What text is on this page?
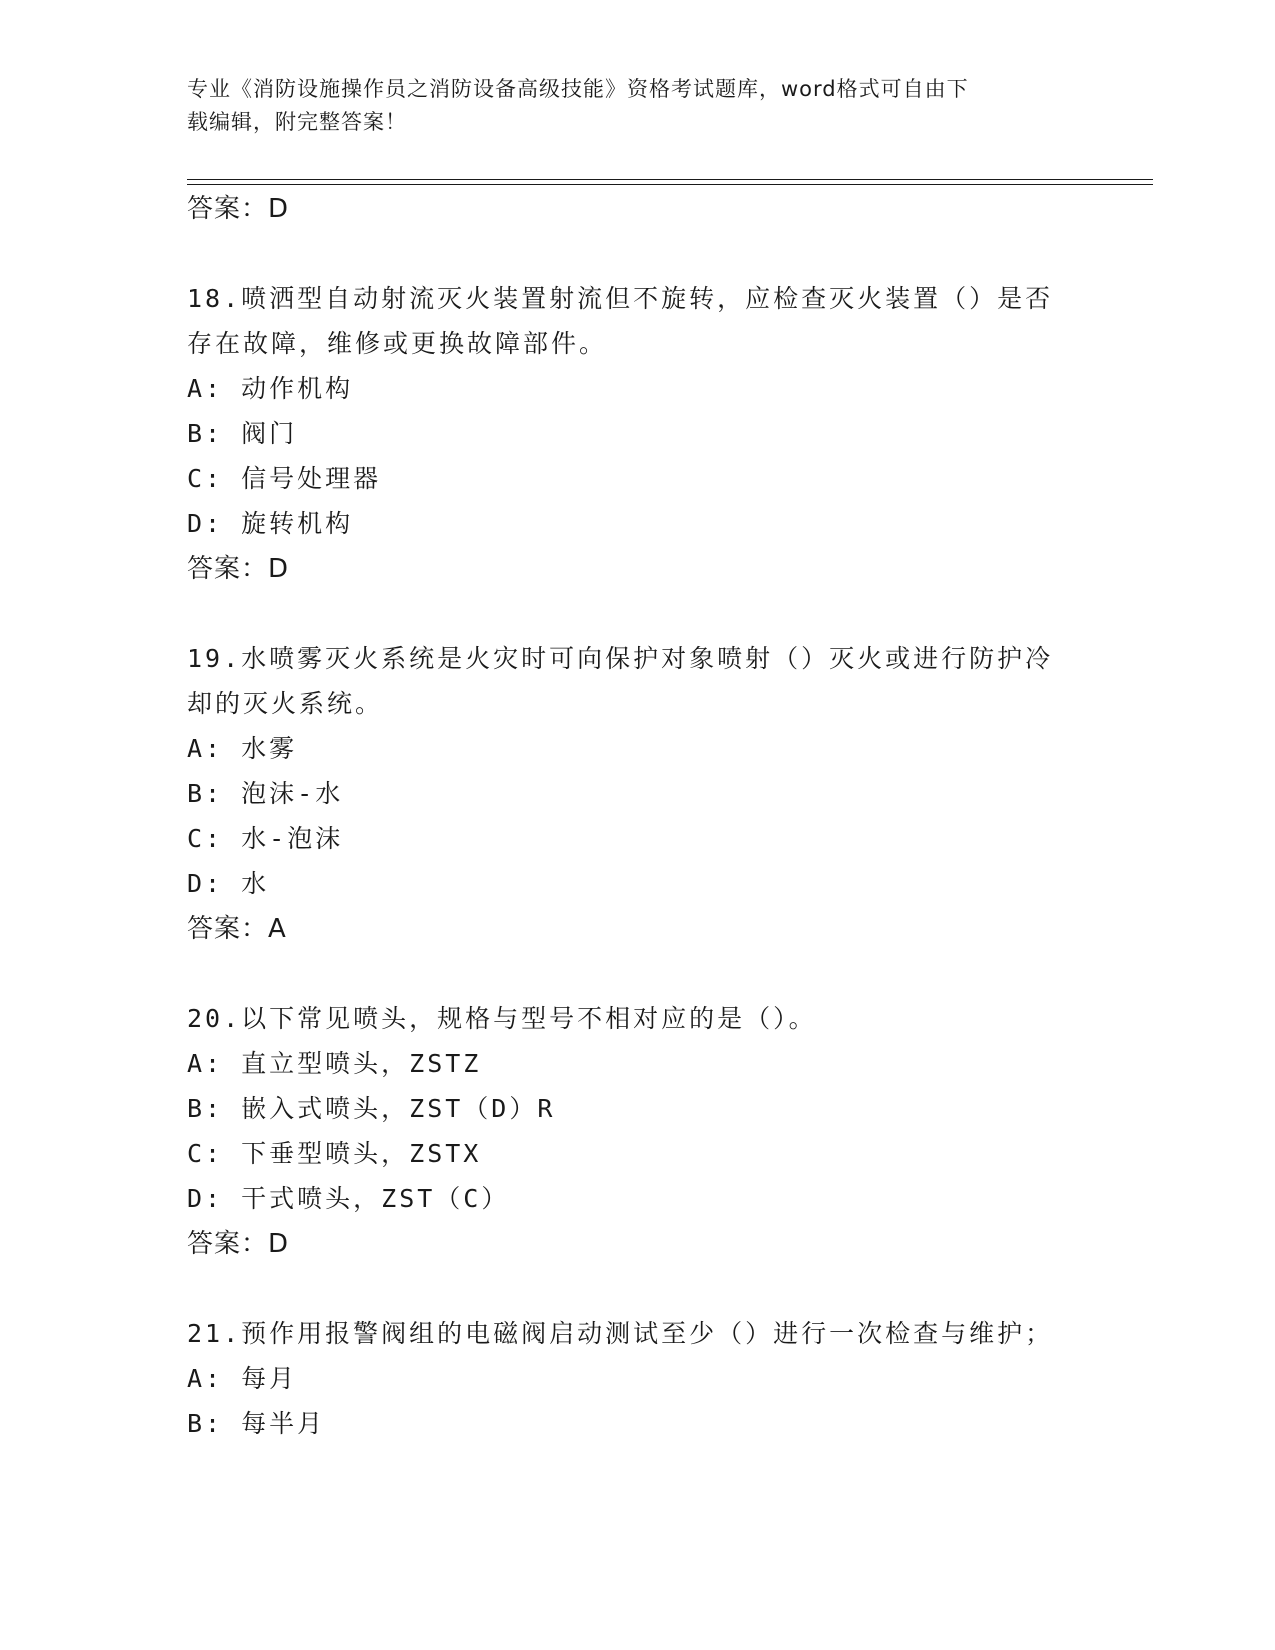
专业《消防设施操作员之消防设备高级技能》资格考试题库，word格式可自由下
载编辑，附完整答案！
答案：D
18.喷洒型自动射流灭火装置射流但不旋转，应检查灭火装置（）是否
存在故障，维修或更换故障部件。
A: 动作机构
B: 阀门
C: 信号处理器
D: 旋转机构
答案：D
19.水喷雾灭火系统是火灾时可向保护对象喷射（）灭火或进行防护冷
却的灭火系统。
A: 水雾
B: 泡沫-水
C: 水-泡沫
D: 水
答案：A
20.以下常见喷头，规格与型号不相对应的是（）。
A: 直立型喷头，ZSTZ
B: 嵌入式喷头，ZST（D）R
C: 下垂型喷头，ZSTX
D: 干式喷头，ZST（C）
答案：D
21.预作用报警阀组的电磁阀启动测试至少（）进行一次检查与维护；
A: 每月
B: 每半月
